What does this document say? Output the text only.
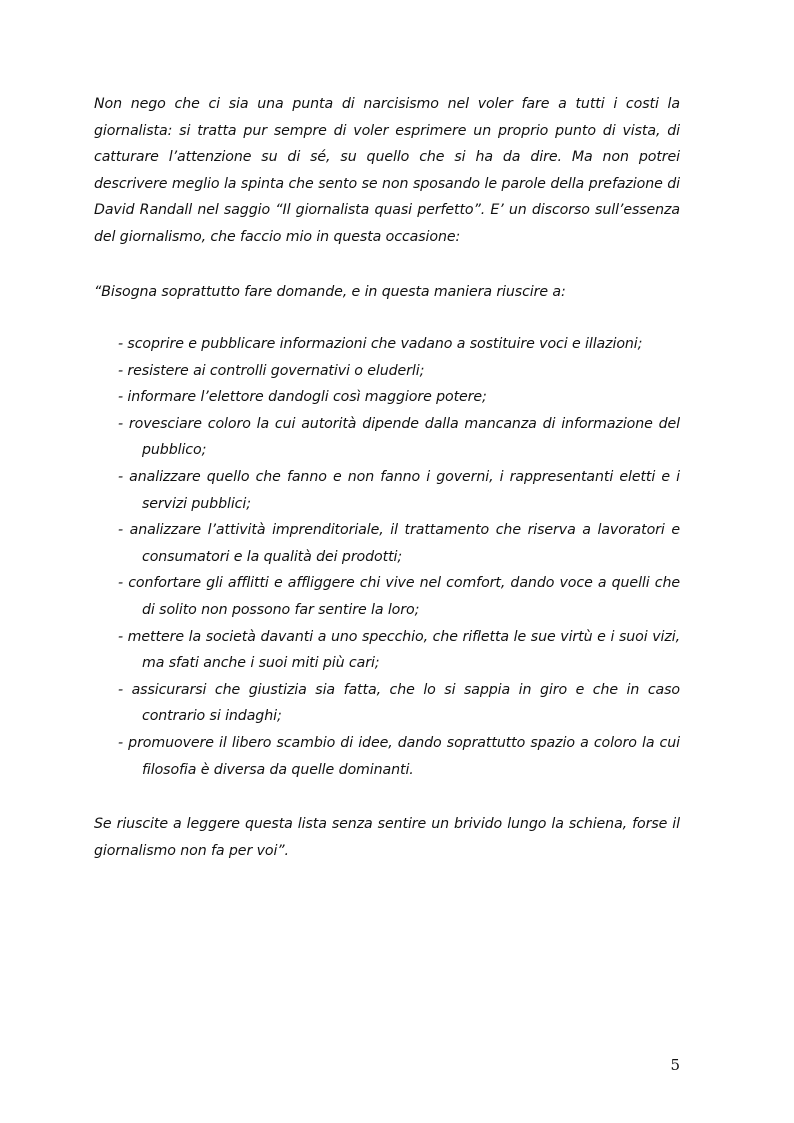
Non nego che ci sia una punta di narcisismo nel voler fare a tutti i costi la giornalista: si tratta pur sempre di voler esprimere un proprio punto di vista, di catturare l’attenzione su di sé, su quello che si ha da dire. Ma non potrei descrivere meglio la spinta che sento se non sposando le parole della prefazione di David Randall nel saggio “Il giornalista quasi perfetto”. E’ un discorso sull’essenza del giornalismo, che faccio mio in questa occasione:

“Bisogna soprattutto fare domande, e in questa maniera riuscire a:

- scoprire e pubblicare informazioni che vadano a sostituire voci e illazioni;
- resistere ai controlli governativi o eluderli;
- informare l’elettore dandogli così maggiore potere;
- rovesciare coloro la cui autorità dipende dalla mancanza di informazione del pubblico;
- analizzare quello che fanno e non fanno i governi, i rappresentanti eletti e i servizi pubblici;
- analizzare l’attività imprenditoriale, il trattamento che riserva a lavoratori e consumatori e la qualità dei prodotti;
- confortare gli afflitti e affliggere chi vive nel comfort, dando voce a quelli che di solito non possono far sentire la loro;
- mettere la società davanti a uno specchio, che rifletta le sue virtù e i suoi vizi, ma sfati anche i suoi miti più cari;
- assicurarsi che giustizia sia fatta, che lo si sappia in giro e che in caso contrario si indaghi;
- promuovere il libero scambio di idee, dando soprattutto spazio a coloro la cui filosofia è diversa da quelle dominanti.

Se riuscite a leggere questa lista senza sentire un brivido lungo la schiena, forse il giornalismo non fa per voi”.

5
